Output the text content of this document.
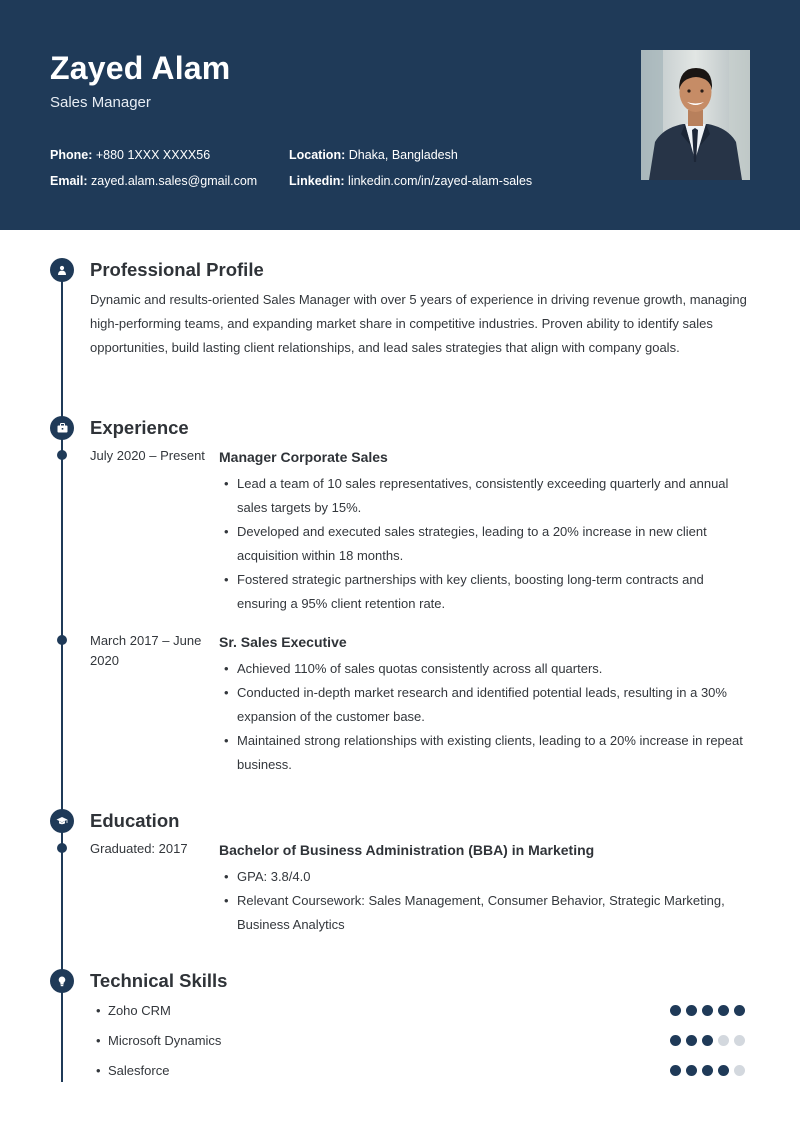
Zayed Alam
Sales Manager
Phone: +880 1XXX XXXX56	Location: Dhaka, Bangladesh
Email: zayed.alam.sales@gmail.com	Linkedin: linkedin.com/in/zayed-alam-sales
Professional Profile
Dynamic and results-oriented Sales Manager with over 5 years of experience in driving revenue growth, managing high-performing teams, and expanding market share in competitive industries. Proven ability to identify sales opportunities, build lasting client relationships, and lead sales strategies that align with company goals.
Experience
July 2020 – Present	Manager Corporate Sales
• Lead a team of 10 sales representatives, consistently exceeding quarterly and annual sales targets by 15%.
• Developed and executed sales strategies, leading to a 20% increase in new client acquisition within 18 months.
• Fostered strategic partnerships with key clients, boosting long-term contracts and ensuring a 95% client retention rate.
March 2017 – June 2020
Sr. Sales Executive
• Achieved 110% of sales quotas consistently across all quarters.
• Conducted in-depth market research and identified potential leads, resulting in a 30% expansion of the customer base.
• Maintained strong relationships with existing clients, leading to a 20% increase in repeat business.
Education
Graduated: 2017	Bachelor of Business Administration (BBA) in Marketing
• GPA: 3.8/4.0
• Relevant Coursework: Sales Management, Consumer Behavior, Strategic Marketing, Business Analytics
Technical Skills
• Zoho CRM
• Microsoft Dynamics
• Salesforce
